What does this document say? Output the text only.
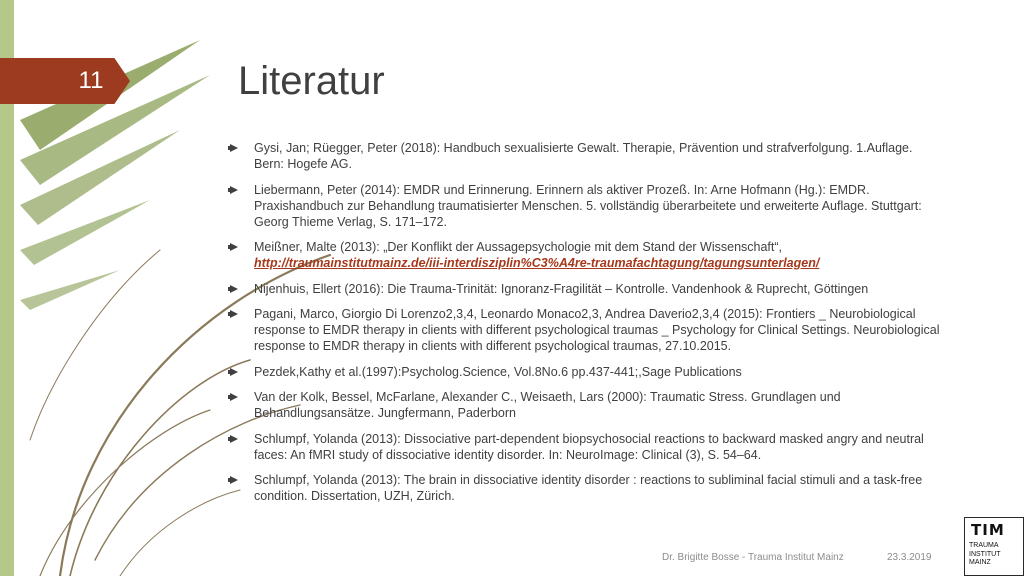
11	Literatur
Gysi, Jan; Rüegger, Peter (2018): Handbuch sexualisierte Gewalt. Therapie, Prävention und strafverfolgung. 1.Auflage. Bern: Hogefe AG.
Liebermann, Peter (2014): EMDR und Erinnerung. Erinnern als aktiver Prozeß. In: Arne Hofmann (Hg.): EMDR. Praxishandbuch zur Behandlung traumatisierter Menschen. 5. vollständig überarbeitete und erweiterte Auflage. Stuttgart: Georg Thieme Verlag, S. 171–172.
Meißner, Malte (2013): „Der Konflikt der Aussagepsychologie mit dem Stand der Wissenschaft“, http://traumainstitutmainz.de/iii-interdisziplin%C3%A4re-traumafachtagung/tagungsunterlagen/
Nijenhuis, Ellert (2016): Die Trauma-Trinität: Ignoranz-Fragilität – Kontrolle. Vandenhook & Ruprecht, Göttingen
Pagani, Marco, Giorgio Di Lorenzo2,3,4, Leonardo Monaco2,3, Andrea Daverio2,3,4 (2015): Frontiers _ Neurobiological response to EMDR therapy in clients with different psychological traumas _ Psychology for Clinical Settings. Neurobiological response to EMDR therapy in clients with different psychological traumas, 27.10.2015.
Pezdek,Kathy et al.(1997):Psycholog.Science, Vol.8No.6 pp.437-441;,Sage Publications
Van der Kolk, Bessel, McFarlane, Alexander C., Weisaeth, Lars (2000): Traumatic Stress. Grundlagen und Behandlungsansätze. Jungfermann, Paderborn
Schlumpf, Yolanda (2013): Dissociative part-dependent biopsychosocial reactions to backward masked angry and neutral faces: An fMRI study of dissociative identity disorder. In: NeuroImage: Clinical (3), S. 54–64.
Schlumpf, Yolanda (2013): The brain in dissociative identity disorder : reactions to subliminal facial stimuli and a task-free condition. Dissertation, UZH, Zürich.
Dr. Brigitte Bosse - Trauma Institut Mainz	23.3.2019
TIM
TRAUMA
INSTITUT
MAINZ
